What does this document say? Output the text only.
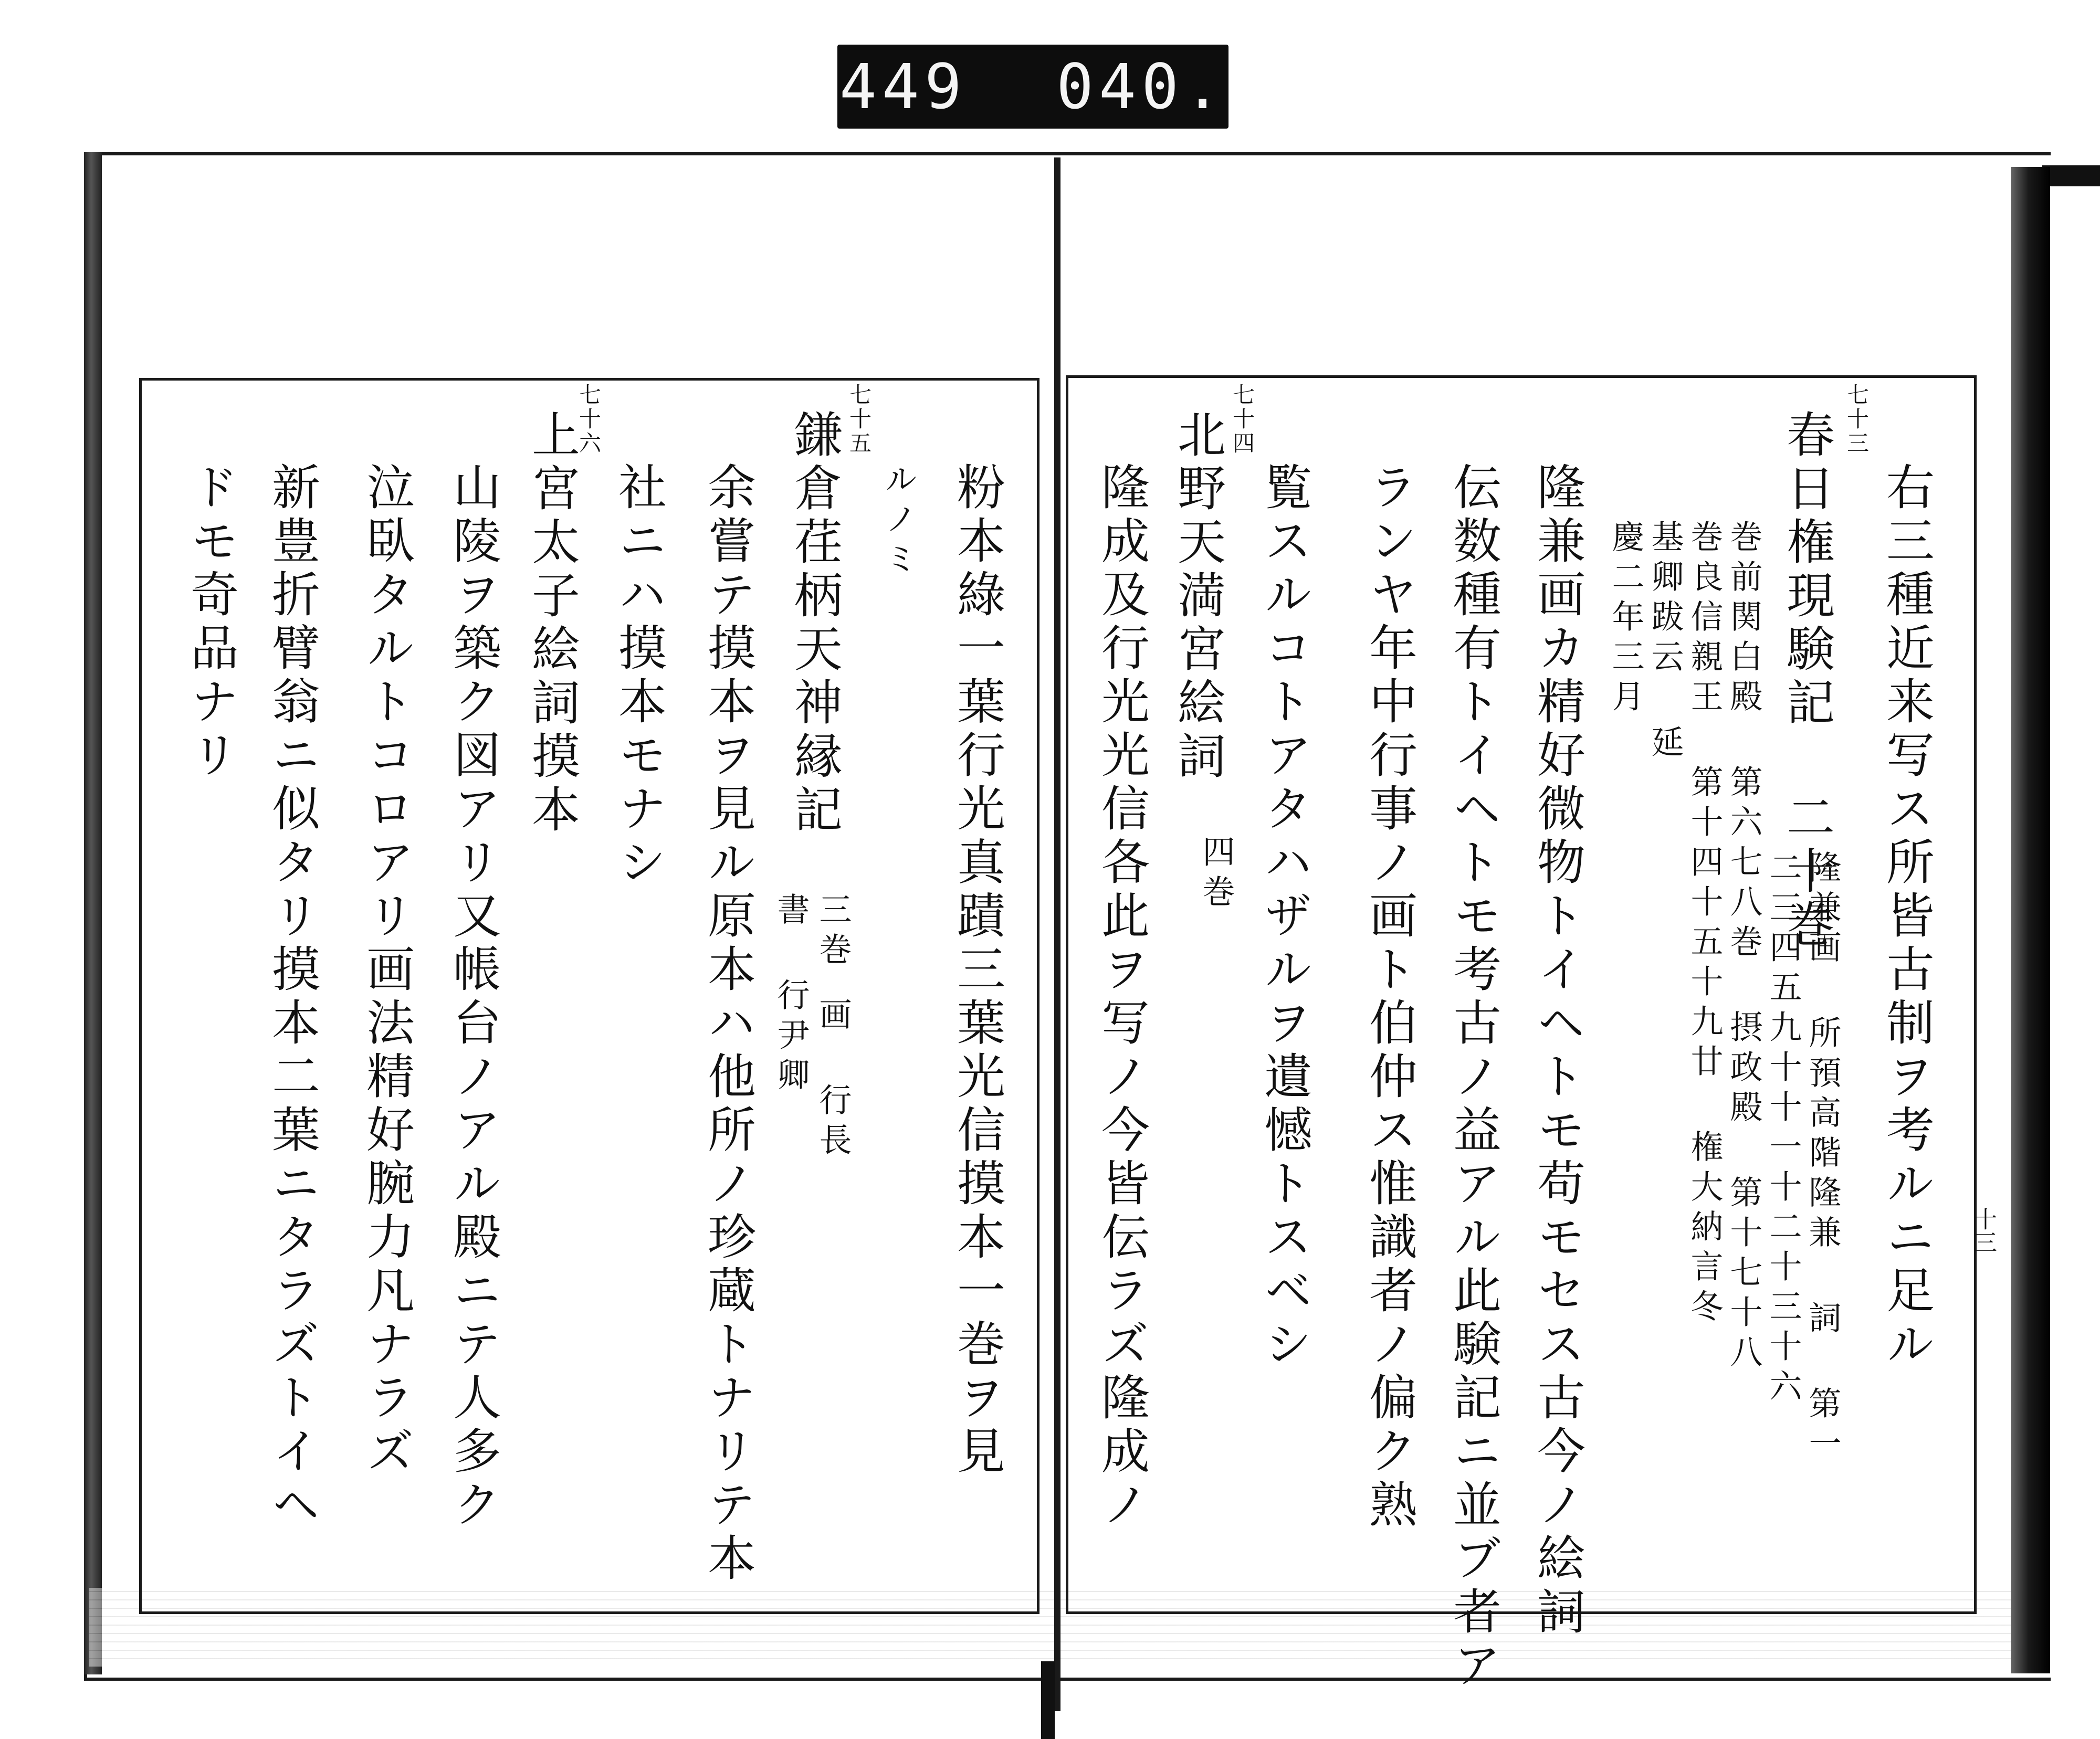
449 040.
十三
右三種近来写ス所皆古制ヲ考ルニ足ル
七十三
春日権現験記 二十巻
巻良信親王 第十四十五十九廿 権大納言冬 巻前関白殿 第六七八巻 摂政殿 第十七十八
基卿跋云 延
慶二年三月
隆兼画 所預高階隆兼 詞 第一
二三四五九十十一十二十三十六
隆兼画カ精好微物トイヘトモ苟モセス古今ノ絵詞
伝数種有トイヘトモ考古ノ益アル此験記ニ並ブ者ア
ランヤ年中行事ノ画ト伯仲ス惟識者ノ偏ク熟
覧スルコトアタハザルヲ遺憾トスベシ
七十四
北野天満宮絵詞
四巻
隆成及行光光信各此ヲ写ノ今皆伝ラズ隆成ノ
粉本綠一葉行光真蹟三葉光信摸本一巻ヲ見
ルノミ
七十五
鎌倉荏柄天神縁記
三巻
画 行長
書 行尹卿
余嘗テ摸本ヲ見ル原本ハ他所ノ珍蔵トナリテ本
社ニハ摸本モナシ
七十六
上宮太子絵詞摸本
山陵ヲ築ク図アリ又帳台ノアル殿ニテ人多ク
泣臥タルトコロアリ画法精好腕力凡ナラズ
新豊折臂翁ニ似タリ摸本二葉ニタラズトイヘ
ドモ奇品ナリ
